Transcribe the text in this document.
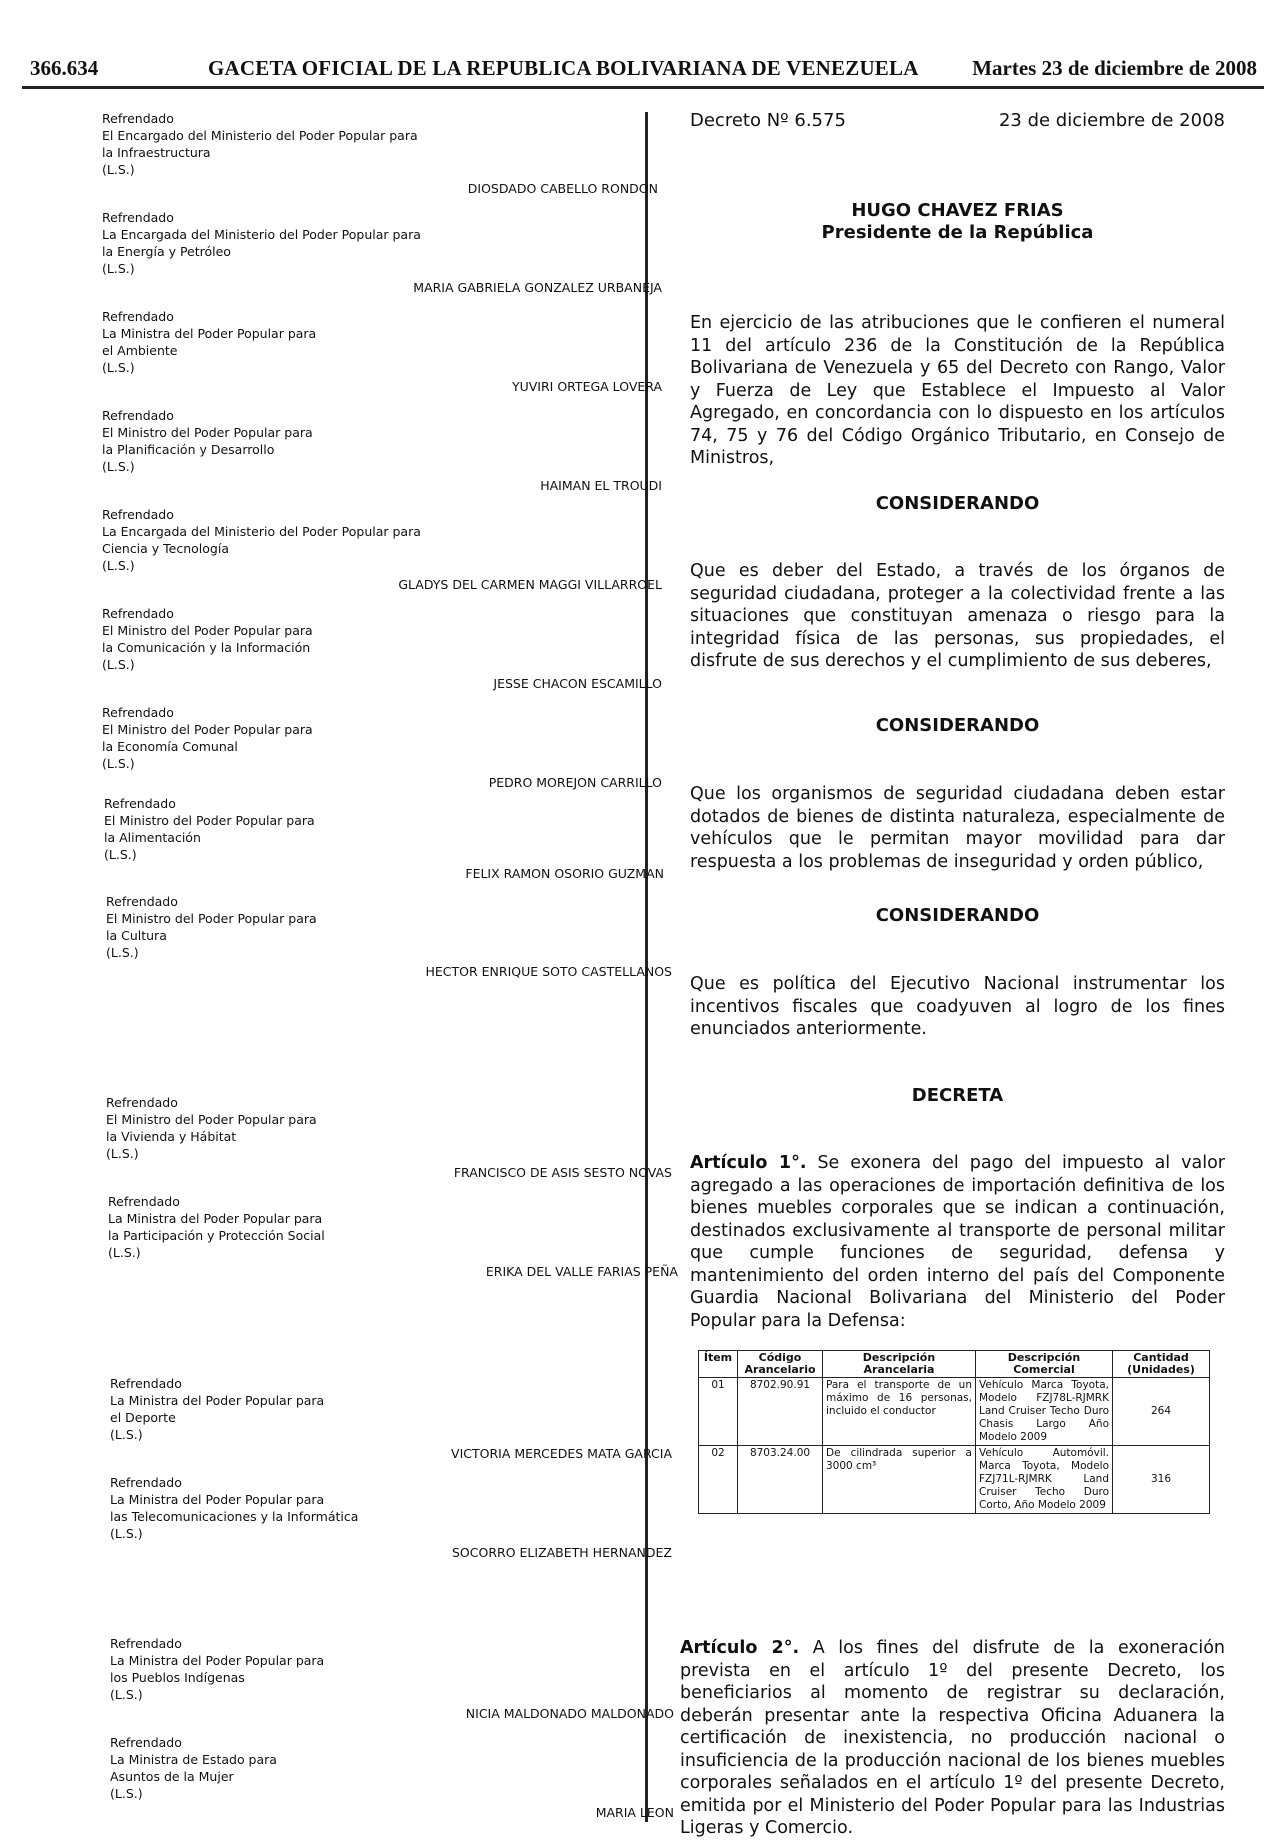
366.634	GACETA OFICIAL DE LA REPUBLICA BOLIVARIANA DE VENEZUELA	Martes 23 de diciembre de 2008
Refrendado
El Encargado del Ministerio del Poder Popular para
la Infraestructura
(L.S.)
DIOSDADO CABELLO RONDON
Refrendado
La Encargada del Ministerio del Poder Popular para
la Energía y Petróleo
(L.S.)
MARIA GABRIELA GONZALEZ URBANEJA
Refrendado
La Ministra del Poder Popular para
el Ambiente
(L.S.)
YUVIRI ORTEGA LOVERA
Refrendado
El Ministro del Poder Popular para
la Planificación y Desarrollo
(L.S.)
HAIMAN EL TROUDI
Refrendado
La Encargada del Ministerio del Poder Popular para
Ciencia y Tecnología
(L.S.)
GLADYS DEL CARMEN MAGGI VILLARROEL
Refrendado
El Ministro del Poder Popular para
la Comunicación y la Información
(L.S.)
JESSE CHACON ESCAMILLO
Refrendado
El Ministro del Poder Popular para
la Economía Comunal
(L.S.)
PEDRO MOREJON CARRILLO
Refrendado
El Ministro del Poder Popular para
la Alimentación
(L.S.)
FELIX RAMON OSORIO GUZMAN
Refrendado
El Ministro del Poder Popular para
la Cultura
(L.S.)
HECTOR ENRIQUE SOTO CASTELLANOS
Refrendado
El Ministro del Poder Popular para
la Vivienda y Hábitat
(L.S.)
FRANCISCO DE ASIS SESTO NOVAS
Refrendado
La Ministra del Poder Popular para
la Participación y Protección Social
(L.S.)
ERIKA DEL VALLE FARIAS PEÑA
Refrendado
La Ministra del Poder Popular para
el Deporte
(L.S.)
VICTORIA MERCEDES MATA GARCIA
Refrendado
La Ministra del Poder Popular para
las Telecomunicaciones y la Informática
(L.S.)
SOCORRO ELIZABETH HERNANDEZ
Refrendado
La Ministra del Poder Popular para
los Pueblos Indígenas
(L.S.)
NICIA MALDONADO MALDONADO
Refrendado
La Ministra de Estado para
Asuntos de la Mujer
(L.S.)
MARIA LEON
Decreto Nº 6.575	23 de diciembre de 2008
HUGO CHAVEZ FRIAS
Presidente de la República
En ejercicio de las atribuciones que le confieren el numeral 11 del artículo 236 de la Constitución de la República Bolivariana de Venezuela y 65 del Decreto con Rango, Valor y Fuerza de Ley que Establece el Impuesto al Valor Agregado, en concordancia con lo dispuesto en los artículos 74, 75 y 76 del Código Orgánico Tributario, en Consejo de Ministros,
CONSIDERANDO
Que es deber del Estado, a través de los órganos de seguridad ciudadana, proteger a la colectividad frente a las situaciones que constituyan amenaza o riesgo para la integridad física de las personas, sus propiedades, el disfrute de sus derechos y el cumplimiento de sus deberes,
CONSIDERANDO
Que los organismos de seguridad ciudadana deben estar dotados de bienes de distinta naturaleza, especialmente de vehículos que le permitan mayor movilidad para dar respuesta a los problemas de inseguridad y orden público,
CONSIDERANDO
Que es política del Ejecutivo Nacional instrumentar los incentivos fiscales que coadyuven al logro de los fines enunciados anteriormente.
DECRETA
Artículo 1°. Se exonera del pago del impuesto al valor agregado a las operaciones de importación definitiva de los bienes muebles corporales que se indican a continuación, destinados exclusivamente al transporte de personal militar que cumple funciones de seguridad, defensa y mantenimiento del orden interno del país del Componente Guardia Nacional Bolivariana del Ministerio del Poder Popular para la Defensa:
Ítem	Código Arancelario	Descripción Arancelaria	Descripción Comercial	Cantidad (Unidades)
01	8702.90.91	Para el transporte de un máximo de 16 personas, incluido el conductor	Vehículo Marca Toyota, Modelo FZJ78L-RJMRK Land Cruiser Techo Duro Chasis Largo Año Modelo 2009	264
02	8703.24.00	De cilindrada superior a 3000 cm³	Vehículo Automóvil. Marca Toyota, Modelo FZJ71L-RJMRK Land Cruiser Techo Duro Corto, Año Modelo 2009	316
Artículo 2°. A los fines del disfrute de la exoneración prevista en el artículo 1º del presente Decreto, los beneficiarios al momento de registrar su declaración, deberán presentar ante la respectiva Oficina Aduanera la certificación de inexistencia, no producción nacional o insuficiencia de la producción nacional de los bienes muebles corporales señalados en el artículo 1º del presente Decreto, emitida por el Ministerio del Poder Popular para las Industrias Ligeras y Comercio.
